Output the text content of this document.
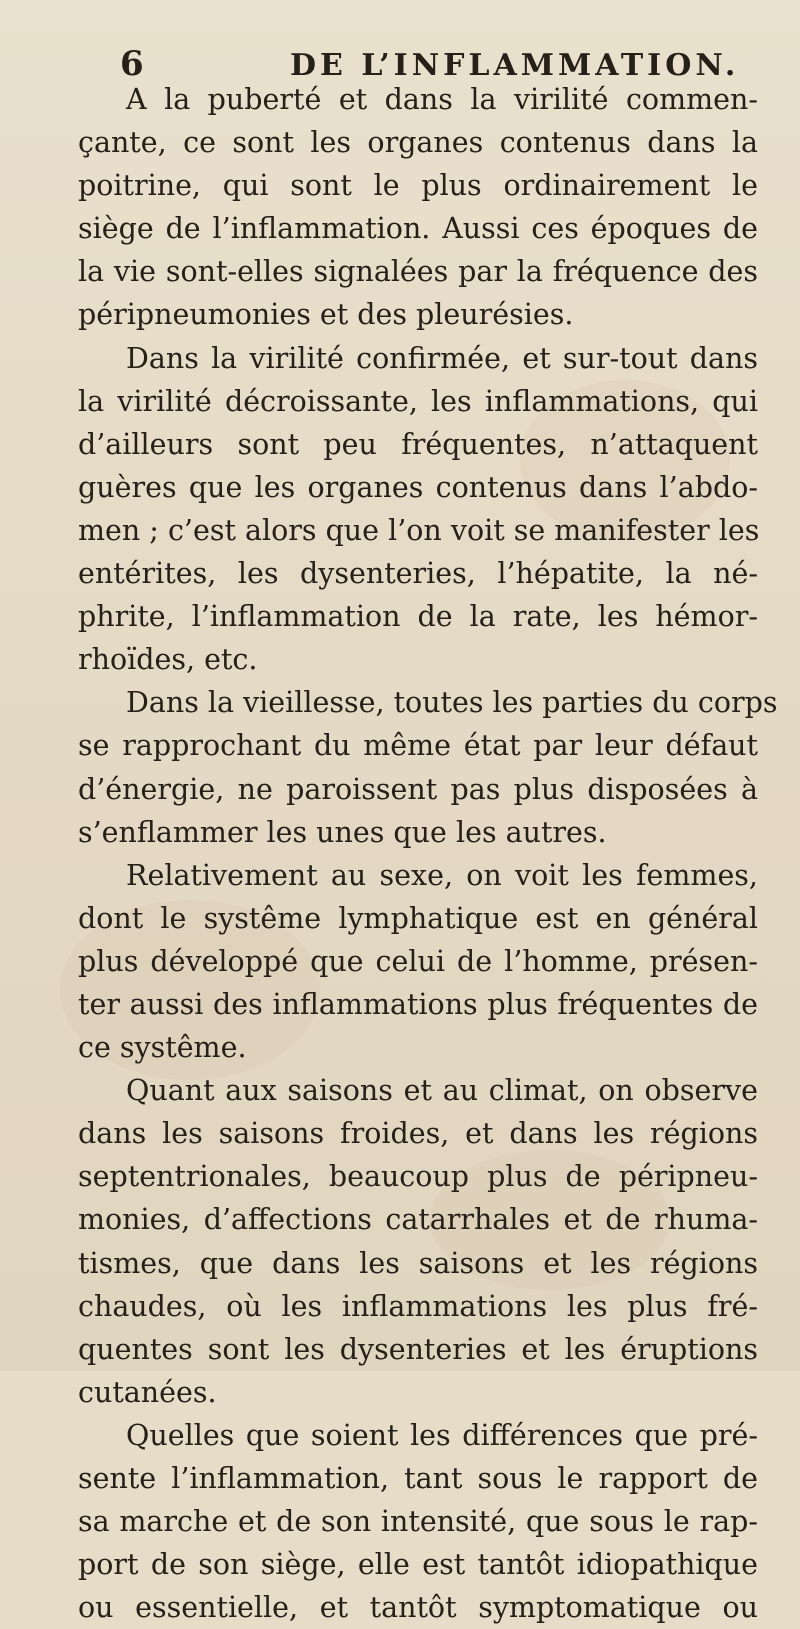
6	DE L’INFLAMMATION.
A la puberté et dans la virilité commen-
çante, ce sont les organes contenus dans la
poitrine, qui sont le plus ordinairement le
siège de l’inflammation. Aussi ces époques de
la vie sont-elles signalées par la fréquence des
péripneumonies et des pleurésies.
Dans la virilité confirmée, et sur-tout dans
la virilité décroissante, les inflammations, qui
d’ailleurs sont peu fréquentes, n’attaquent
guères que les organes contenus dans l’abdo-
men ; c’est alors que l’on voit se manifester les
entérites, les dysenteries, l’hépatite, la né-
phrite, l’inflammation de la rate, les hémor-
rhoïdes, etc.
Dans la vieillesse, toutes les parties du corps
se rapprochant du même état par leur défaut
d’énergie, ne paroissent pas plus disposées à
s’enflammer les unes que les autres.
Relativement au sexe, on voit les femmes,
dont le systême lymphatique est en général
plus développé que celui de l’homme, présen-
ter aussi des inflammations plus fréquentes de
ce systême.
Quant aux saisons et au climat, on observe
dans les saisons froides, et dans les régions
septentrionales, beaucoup plus de péripneu-
monies, d’affections catarrhales et de rhuma-
tismes, que dans les saisons et les régions
chaudes, où les inflammations les plus fré-
quentes sont les dysenteries et les éruptions
cutanées.
Quelles que soient les différences que pré-
sente l’inflammation, tant sous le rapport de
sa marche et de son intensité, que sous le rap-
port de son siège, elle est tantôt idiopathique
ou essentielle, et tantôt symptomatique ou
